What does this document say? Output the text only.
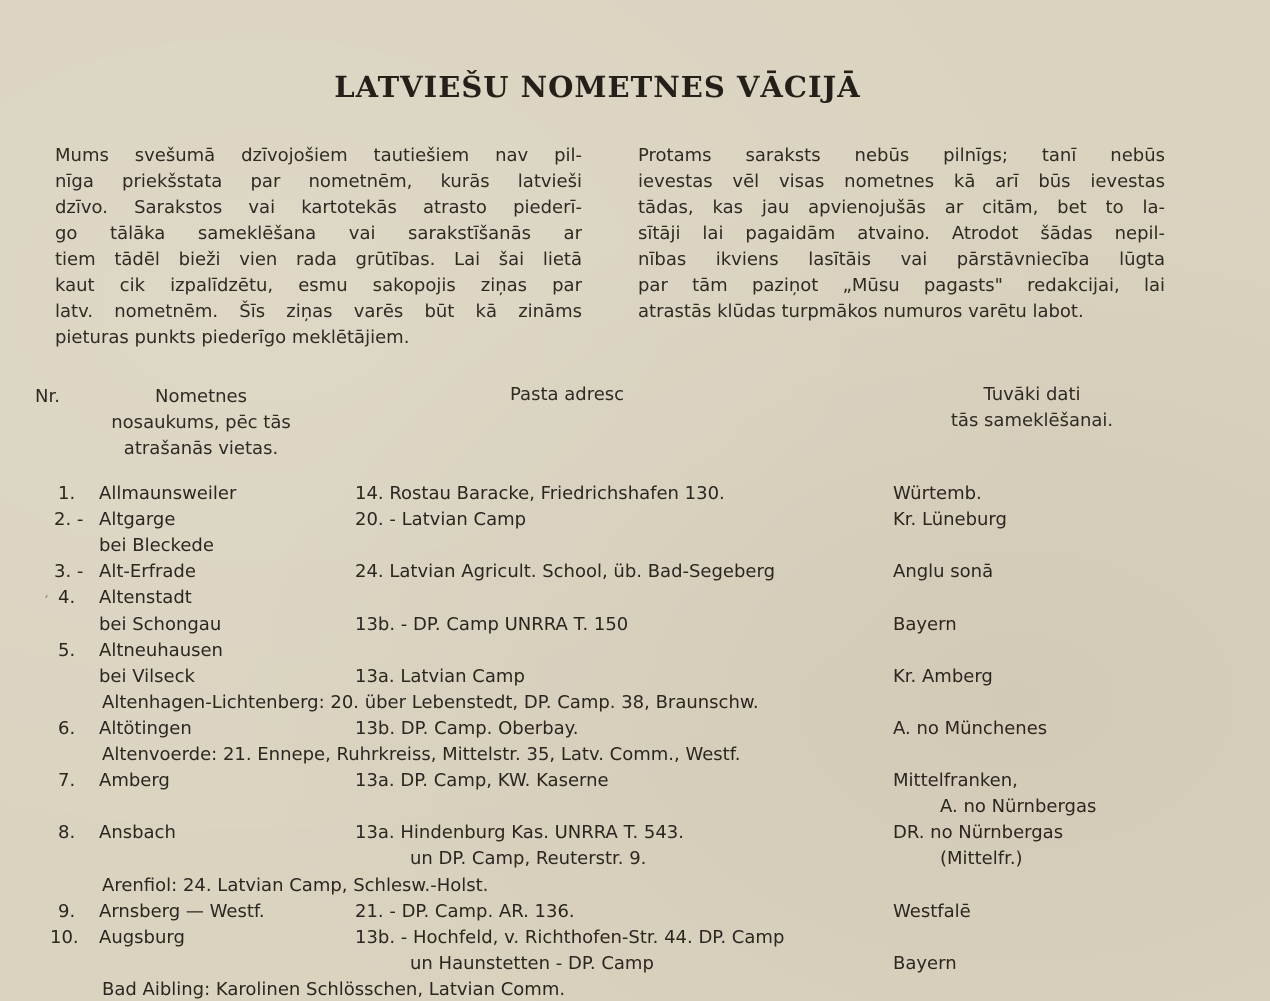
LATVIEŠU NOMETNES VĀCIJĀ
Mums svešumā dzīvojošiem tautiešiem nav pil-
nīga priekšstata par nometnēm, kurās latvieši
dzīvo. Sarakstos vai kartotekās atrasto piederī-
go tālāka sameklēšana vai sarakstīšanās ar
tiem tādēl bieži vien rada grūtības. Lai šai lietā
kaut cik izpalīdzētu, esmu sakopojis ziņas par
latv. nometnēm. Šīs ziņas varēs būt kā zināms
pieturas punkts piederīgo meklētājiem.
Protams saraksts nebūs pilnīgs; tanī nebūs
ievestas vēl visas nometnes kā arī būs ievestas
tādas, kas jau apvienojušās ar citām, bet to la-
sītāji lai pagaidām atvaino. Atrodot šādas nepil-
nības ikviens lasītāis vai pārstāvniecība lūgta
par tām paziņot „Mūsu pagasts" redakcijai, lai
atrastās klūdas turpmākos numuros varētu labot.
Nr.	Nometnes
nosaukums, pēc tās
atrašanās vietas.
Pasta adresc	Tuvāki dati
tās sameklēšanai.
1. Allmaunsweiler	14. Rostau Baracke, Friedrichshafen 130.	Würtemb.
2. - Altgarge	20. - Latvian Camp	Kr. Lüneburg
bei Bleckede
3. - Alt-Erfrade	24. Latvian Agricult. School, üb. Bad-Segeberg	Anglu sonā
4. Altenstadt
bei Schongau	13b. - DP. Camp UNRRA T. 150	Bayern
5. Altneuhausen
bei Vilseck	13a. Latvian Camp	Kr. Amberg
Altenhagen-Lichtenberg: 20. über Lebenstedt, DP. Camp. 38, Braunschw.
6. Altötingen	13b. DP. Camp. Oberbay.	A. no Münchenes
Altenvoerde: 21. Ennepe, Ruhrkreiss, Mittelstr. 35, Latv. Comm., Westf.
7. Amberg	13a. DP. Camp, KW. Kaserne	Mittelfranken,
A. no Nürnbergas
8. Ansbach	13a. Hindenburg Kas. UNRRA T. 543.	DR. no Nürnbergas
un DP. Camp, Reuterstr. 9.	(Mittelfr.)
Arenfiol: 24. Latvian Camp, Schlesw.-Holst.
9. Arnsberg — Westf.	21. - DP. Camp. AR. 136.	Westfalē
10. Augsburg	13b. - Hochfeld, v. Richthofen-Str. 44. DP. Camp
un Haunstetten - DP. Camp	Bayern
Bad Aibling: Karolinen Schlösschen, Latvian Comm.
′
